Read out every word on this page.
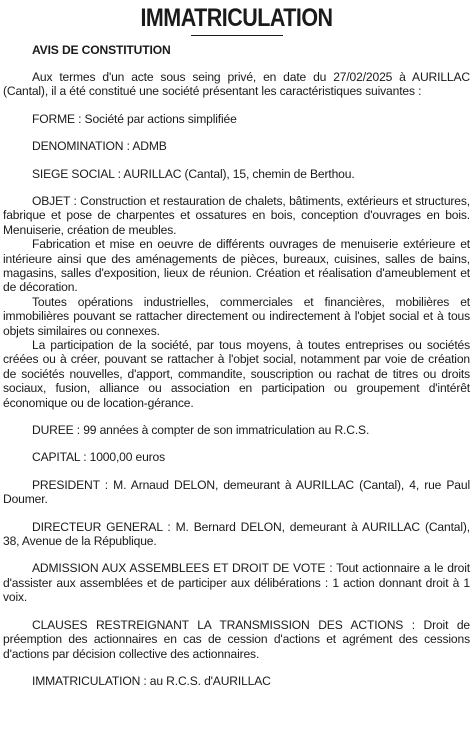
IMMATRICULATION
AVIS DE CONSTITUTION

Aux termes d'un acte sous seing privé, en date du 27/02/2025 à AURILLAC (Cantal), il a été constitué une société présentant les caractéristiques suivantes :

FORME : Société par actions simplifiée

DENOMINATION : ADMB

SIEGE SOCIAL : AURILLAC (Cantal), 15, chemin de Berthou.

OBJET : Construction et restauration de chalets, bâtiments, extérieurs et structures, fabrique et pose de charpentes et ossatures en bois, conception d'ouvrages en bois. Menuiserie, création de meubles.

Fabrication et mise en oeuvre de différents ouvrages de menuiserie extérieure et intérieure ainsi que des aménagements de pièces, bureaux, cuisines, salles de bains, magasins, salles d'exposition, lieux de réunion. Création et réalisation d'ameublement et de décoration.

Toutes opérations industrielles, commerciales et financières, mobilières et immobilières pouvant se rattacher directement ou indirectement à l'objet social et à tous objets similaires ou connexes.

La participation de la société, par tous moyens, à toutes entreprises ou sociétés créées ou à créer, pouvant se rattacher à l'objet social, notamment par voie de création de sociétés nouvelles, d'apport, commandite, souscription ou rachat de titres ou droits sociaux, fusion, alliance ou association en participation ou groupement d'intérêt économique ou de location-gérance.

DUREE : 99 années à compter de son immatriculation au R.C.S.

CAPITAL : 1000,00 euros

PRESIDENT : M. Arnaud DELON, demeurant à AURILLAC (Cantal), 4, rue Paul Doumer.

DIRECTEUR GENERAL : M. Bernard DELON, demeurant à AURILLAC (Cantal), 38, Avenue de la République.

ADMISSION AUX ASSEMBLEES ET DROIT DE VOTE : Tout actionnaire a le droit d'assister aux assemblées et de participer aux délibérations : 1 action donnant droit à 1 voix.

CLAUSES RESTREIGNANT LA TRANSMISSION DES ACTIONS : Droit de préemption des actionnaires en cas de cession d'actions et agrément des cessions d'actions par décision collective des actionnaires.

IMMATRICULATION : au R.C.S. d'AURILLAC
